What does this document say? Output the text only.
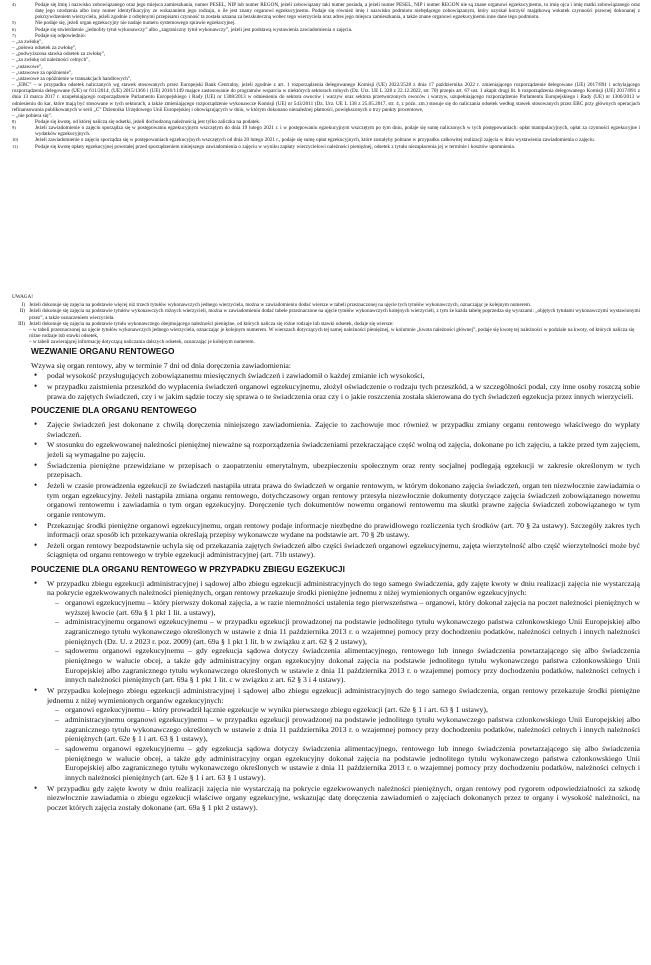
4)	Podaje się imię i nazwisko zobowiązanego oraz jego miejsca zamieszkania, numer PESEL, NIP lub numer REGON, jeżeli zobowiązany taki numer posiada, a jeżeli numer PESEL, NIP i numer REGON nie są znane organowi egzekucyjnemu, to imię ojca i imię matki zobowiązanego oraz datę jego urodzenia albo inny numer identyfikacyjny ze wskazaniem jego rodzaju, o ile jest znany organowi egzekucyjnemu. Podaje się również imię i nazwisko podmiotu niebędącego zobowiązanym, który uzyskał korzyść majątkową wskutek czynności prawnej dokonanej z pokrzywdzeniem wierzyciela, jeżeli zgodnie z odrębnymi przepisami czynność ta została uznana za bezskuteczną wobec tego wierzyciela oraz adres jego miejsca zamieszkania, a także znane organowi egzekucyjnemu inne dane tego podmiotu.
5)	Nie podaje się, jeżeli organ egzekucyjny nie nadaje numeru systemowego sprawie egzekucyjnej.
6)	Podaje się stwierdzenie „jednolity tytuł wykonawczy” albo „zagraniczny tytuł wykonawczy”, jeżeli jest podstawą wystawienia zawiadomienia o zajęciu.
7)	Podaje się odpowiednio:
– „za zwłokę”,
– „połowa odsetek za zwłokę”,
– „podwyższona stawka odsetek za zwłokę”,
– „za zwłokę od należności celnych”,
– „ustawowe”,
– „ustawowe za opóźnienie”,
– „ustawowe za opóźnienie w transakcjach handlowych”,
– „EBC” – w przypadku odsetek naliczanych wg stawek stosowanych przez Europejski Bank Centralny, jeżeli zgodnie z art. 1 rozporządzenia delegowanego Komisji (UE) 2022/2528 z dnia 17 października 2022 r. zmieniającego rozporządzenie delegowane (UE) 2017/891 i uchylającego rozporządzenia delegowane (UE) nr 611/2014, (UE) 2015/1366 i (UE) 2016/1149 mające zastosowanie do programów wsparcia w niektórych sektorach rolnych (Dz. Urz. UE L 328 z 22.12.2022, str. 70) przepis art. 67 ust. 1 akapit drugi lit. b rozporządzenia delegowanego Komisji (UE) 2017/891 z dnia 13 marca 2017 r. uzupełniającego rozporządzenie Parlamentu Europejskiego i Rady (UE) nr 1308/2013 w odniesieniu do sektora owoców i warzyw oraz sektora przetworzonych owoców i warzyw, uzupełniającego rozporządzenie Parlamentu Europejskiego i Rady (UE) nr 1306/2013 w odniesieniu do kar, które mają być stosowane w tych sektorach, a także zmieniającego rozporządzenie wykonawcze Komisji (UE) nr 543/2011 (Dz. Urz. UE L 138 z 25.05.2017, str. 4, z późn. zm.) stosuje się do naliczania odsetek według stawek stosowanych przez EBC przy głównych operacjach refinansowania publikowanych w serii „C” Dziennika Urzędowego Unii Europejskiej i obowiązujących w dniu, w którym dokonano nienależnej płatności, powiększonych o trzy punkty procentowe,
– „nie pobiera się”.
8)	Podaje się kwotę, od której nalicza się odsetki, jeżeli dochodzoną należnością jest tylko zaliczka na podatek.
9)	Jeżeli zawiadomienie o zajęciu sporządza się w postępowaniu egzekucyjnym wszczętym do dnia 19 lutego 2021 r. i w postępowaniu egzekucyjnym wszczętym po tym dniu, podaje się sumę naliczonych w tych postępowaniach: opłat manipulacyjnych, opłat za czynności egzekucyjne i wydatków egzekucyjnych.
10)	Jeżeli zawiadomienie o zajęciu sporządza się w postępowaniach egzekucyjnych wszczętych od dnia 20 lutego 2021 r., podaje się sumę opłat egzekucyjnych, które zostałyby pobrane w przypadku całkowitej realizacji zajęcia w dniu wystawienia zawiadomienia o zajęciu.
11)	Podaje się kwotę opłaty egzekucyjnej powstałej przed sporządzeniem niniejszego zawiadomienia o zajęciu w wyniku zapłaty wierzycielowi należności pieniężnej, odsetek z tytułu niezapłacenia jej w terminie i kosztów upomnienia.
UWAGA!
I) Jeżeli dokonuje się zajęcia na podstawie więcej niż trzech tytułów wykonawczych jednego wierzyciela, można w zawiadomieniu dodać wiersze w tabeli przeznaczonej na ujęcie tych tytułów wykonawczych, oznaczając je kolejnym numerem.
II) Jeżeli dokonuje się zajęcia na podstawie tytułów wykonawczych różnych wierzycieli, można w zawiadomieniu dodać tabele przeznaczone na ujęcie tytułów wykonawczych kolejnych wierzycieli, z tym że każda tabelę poprzedza się wyrazami: „objętych tytułami wykonawczymi wystawionymi przez”, a także oznaczeniem wierzyciela.
III) Jeżeli dokonuje się zajęcia na podstawie tytułu wykonawczego obejmującego należności pieniężne, od których nalicza się różne rodzaje lub stawki odsetek, dodaje się wiersze:
– w tabeli przeznaczonej na ujęcie tytułów wykonawczych jednego wierzyciela, oznaczając je kolejnym numerem. W wierszach dotyczących tej samej należności pieniężnej, w kolumnie „kwota należności głównej”, podaje się kwotę tej należności w podziale na kwoty, od których nalicza się różne rodzaje lub stawki odsetek,
– w tabeli zawierającej informację dotyczącą naliczania dalszych odsetek, oznaczając je kolejnym numerem.
WEZWANIE ORGANU RENTOWEGO
Wzywa się organ rentowy, aby w terminie 7 dni od dnia doręczenia zawiadomienia:
• podał wysokość przysługujących zobowiązanemu miesięcznych świadczeń i zawiadomił o każdej zmianie ich wysokości,
• w przypadku zaistnienia przeszkód do wypłacenia świadczeń organowi egzekucyjnemu, złożył oświadczenie o rodzaju tych przeszkód, a w szczególności podał, czy inne osoby roszczą sobie prawa do zajętych świadczeń, czy i w jakim sądzie toczy się sprawa o te świadczenia oraz czy i o jakie roszczenia została skierowana do tych świadczeń egzekucja przez innych wierzycieli.
POUCZENIE DLA ORGANU RENTOWEGO
• Zajęcie świadczeń jest dokonane z chwilą doręczenia niniejszego zawiadomienia. Zajęcie to zachowuje moc również w przypadku zmiany organu rentowego właściwego do wypłaty świadczeń.
• W stosunku do egzekwowanej należności pieniężnej nieważne są rozporządzenia świadczeniami przekraczające część wolną od zajęcia, dokonane po ich zajęciu, a także przed tym zajęciem, jeżeli są wymagalne po zajęciu.
• Świadczenia pieniężne przewidziane w przepisach o zaopatrzeniu emerytalnym, ubezpieczeniu społecznym oraz renty socjalnej podlegają egzekucji w zakresie określonym w tych przepisach.
• Jeżeli w czasie prowadzenia egzekucji ze świadczeń nastąpiła utrata prawa do świadczeń w organie rentowym, w którym dokonano zajęcia świadczeń, organ ten niezwłocznie zawiadamia o tym organ egzekucyjny. Jeżeli nastąpiła zmiana organu rentowego, dotychczasowy organ rentowy przesyła niezwłocznie dokumenty dotyczące zajęcia świadczeń zobowiązanego nowemu organowi rentowemu i zawiadamia o tym organ egzekucyjny. Doręczenie tych dokumentów nowemu organowi rentowemu ma skutki prawne zajęcia świadczeń zobowiązanego w tym organie rentowym.
• Przekazując środki pieniężne organowi egzekucyjnemu, organ rentowy podaje informacje niezbędne do prawidłowego rozliczenia tych środków (art. 70 § 2a ustawy). Szczegóły zakres tych informacji oraz sposób ich przekazywania określają przepisy wykonawcze wydane na podstawie art. 70 § 2b ustawy.
• Jeżeli organ rentowy bezpodstawnie uchyla się od przekazania zajętych świadczeń albo części świadczeń organowi egzekucyjnemu, zajęta wierzytelność albo część wierzytelności może być ściągnięta od organu rentowego w trybie egzekucji administracyjnej (art. 71b ustawy).
POUCZENIE DLA ORGANU RENTOWEGO W PRZYPADKU ZBIEGU EGZEKUCJI
• W przypadku zbiegu egzekucji administracyjnej i sądowej albo zbiegu egzekucji administracyjnych do tego samego świadczenia, gdy zajęte kwoty w dniu realizacji zajęcia nie wystarczają na pokrycie egzekwowanych należności pieniężnych, organ rentowy przekazuje środki pieniężne jednemu z niżej wymienionych organów egzekucyjnych:
– organowi egzekucyjnemu – który pierwszy dokonał zajęcia, a w razie niemożności ustalenia tego pierwszeństwa – organowi, który dokonał zajęcia na poczet należności pieniężnych w wyższej kwocie (art. 69a § 1 pkt 1 lit. a ustawy),
– administracyjnemu organowi egzekucyjnemu – w przypadku egzekucji prowadzonej na podstawie jednolitego tytułu wykonawczego państwa członkowskiego Unii Europejskiej albo zagranicznego tytułu wykonawczego określonych w ustawie z dnia 11 października 2013 r. o wzajemnej pomocy przy dochodzeniu podatków, należności celnych i innych należności pieniężnych (Dz. U. z 2023 r. poz. 2009) (art. 69a § 1 pkt 1 lit. b w związku z art. 62 § 2 ustawy),
– sądowemu organowi egzekucyjnemu – gdy egzekucja sądowa dotyczy świadczenia alimentacyjnego, rentowego lub innego świadczenia powtarzającego się albo świadczenia pieniężnego w walucie obcej, a także gdy administracyjny organ egzekucyjny dokonał zajęcia na podstawie jednolitego tytułu wykonawczego państwa członkowskiego Unii Europejskiej albo zagranicznego tytułu wykonawczego określonych w ustawie z dnia 11 października 2013 r. o wzajemnej pomocy przy dochodzeniu podatków, należności celnych i innych należności pieniężnych (art. 69a § 1 pkt 1 lit. c w związku z art. 62 § 3 i 4 ustawy).
• W przypadku kolejnego zbiegu egzekucji administracyjnej i sądowej albo zbiegu egzekucji administracyjnych do tego samego świadczenia, organ rentowy przekazuje środki pieniężne jednemu z niżej wymienionych organów egzekucyjnych:
– organowi egzekucyjnemu – który prowadził łącznie egzekucje w wyniku pierwszego zbiegu egzekucji (art. 62e § 1 i art. 63 § 1 ustawy),
– administracyjnemu organowi egzekucyjnemu – w przypadku egzekucji prowadzonej na podstawie jednolitego tytułu wykonawczego państwa członkowskiego Unii Europejskiej albo zagranicznego tytułu wykonawczego określonych w ustawie z dnia 11 października 2013 r. o wzajemnej pomocy przy dochodzeniu podatków, należności celnych i innych należności pieniężnych (art. 62e § 1 i art. 63 § 1 ustawy),
– sądowemu organowi egzekucyjnemu – gdy egzekucja sądowa dotyczy świadczenia alimentacyjnego, rentowego lub innego świadczenia powtarzającego się albo świadczenia pieniężnego w walucie obcej, a także gdy administracyjny organ egzekucyjny dokonał zajęcia na podstawie jednolitego tytułu wykonawczego państwa członkowskiego Unii Europejskiej albo zagranicznego tytułu wykonawczego określonych w ustawie z dnia 11 października 2013 r. o wzajemnej pomocy przy dochodzeniu podatków, należności celnych i innych należności pieniężnych (art. 62e § 1 i art. 63 § 1 ustawy).
• W przypadku gdy zajęte kwoty w dniu realizacji zajęcia nie wystarczają na pokrycie egzekwowanych należności pieniężnych, organ rentowy pod rygorem odpowiedzialności za szkodę niezwłocznie zawiadamia o zbiegu egzekucji właściwe organy egzekucyjne, wskazując datę doręczenia zawiadomień o zajęciach dokonanych przez te organy i wysokość należności, na poczet których zajęcia zostały dokonane (art. 69a § 1 pkt 2 ustawy).
